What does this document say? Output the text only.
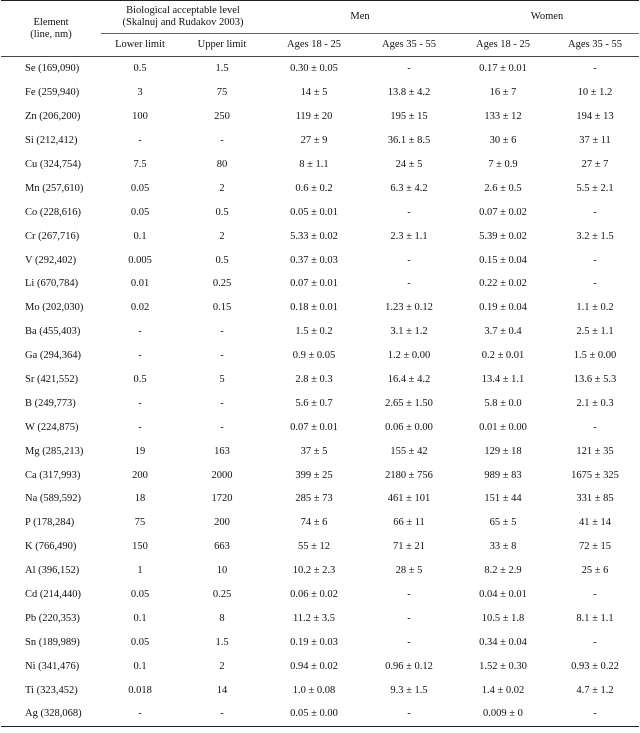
Element
(line, nm)	Biological acceptable level
(Skalnuj and Rudakov 2003)		Men		Women	
	Lower limit	Upper limit	Ages 18 - 25	Ages 35 - 55	Ages 18 - 25	Ages 35 - 55
Se (169,090)	0.5	1.5	0.30 ± 0.05	-	0.17 ± 0.01	-
Fe (259,940)	3	75	14 ± 5	13.8 ± 4.2	16 ± 7	10 ± 1.2
Zn (206,200)	100	250	119 ± 20	195 ± 15	133 ± 12	194 ± 13
Si (212,412)	-	-	27 ± 9	36.1 ± 8.5	30 ± 6	37 ± 11
Cu (324,754)	7.5	80	8 ± 1.1	24 ± 5	7 ± 0.9	27 ± 7
Mn (257,610)	0.05	2	0.6 ± 0.2	6.3 ± 4.2	2.6 ± 0.5	5.5 ± 2.1
Co (228,616)	0.05	0.5	0.05 ± 0.01	-	0.07 ± 0.02	-
Cr (267,716)	0.1	2	5.33 ± 0.02	2.3 ± 1.1	5.39 ± 0.02	3.2 ± 1.5
V (292,402)	0.005	0.5	0.37 ± 0.03	-	0.15 ± 0.04	-
Li (670,784)	0.01	0.25	0.07 ± 0.01	-	0.22 ± 0.02	-
Mo (202,030)	0.02	0.15	0.18 ± 0.01	1.23 ± 0.12	0.19 ± 0.04	1.1 ± 0.2
Ba (455,403)	-	-	1.5 ± 0.2	3.1 ± 1.2	3.7 ± 0.4	2.5 ± 1.1
Ga (294,364)	-	-	0.9 ± 0.05	1.2 ± 0.00	0.2 ± 0.01	1.5 ± 0.00
Sr (421,552)	0.5	5	2.8 ± 0.3	16.4 ± 4.2	13.4 ± 1.1	13.6 ± 5.3
B (249,773)	-	-	5.6 ± 0.7	2.65 ± 1.50	5.8 ± 0.0	2.1 ± 0.3
W (224,875)	-	-	0.07 ± 0.01	0.06 ± 0.00	0.01 ± 0.00	-
Mg (285,213)	19	163	37 ± 5	155 ± 42	129 ± 18	121 ± 35
Ca (317,993)	200	2000	399 ± 25	2180 ± 756	989 ± 83	1675 ± 325
Na (589,592)	18	1720	285 ± 73	461 ± 101	151 ± 44	331 ± 85
P (178,284)	75	200	74 ± 6	66 ± 11	65 ± 5	41 ± 14
K (766,490)	150	663	55 ± 12	71 ± 21	33 ± 8	72 ± 15
Al (396,152)	1	10	10.2 ± 2.3	28 ± 5	8.2 ± 2.9	25 ± 6
Cd (214,440)	0.05	0.25	0.06 ± 0.02	-	0.04 ± 0.01	-
Pb (220,353)	0.1	8	11.2 ± 3.5	-	10.5 ± 1.8	8.1 ± 1.1
Sn (189,989)	0.05	1.5	0.19 ± 0.03	-	0.34 ± 0.04	-
Ni (341,476)	0.1	2	0.94 ± 0.02	0.96 ± 0.12	1.52 ± 0.30	0.93 ± 0.22
Ti (323,452)	0.018	14	1.0 ± 0.08	9.3 ± 1.5	1.4 ± 0.02	4.7 ± 1.2
Ag (328,068)	-	-	0.05 ± 0.00	-	0.009 ± 0	-
